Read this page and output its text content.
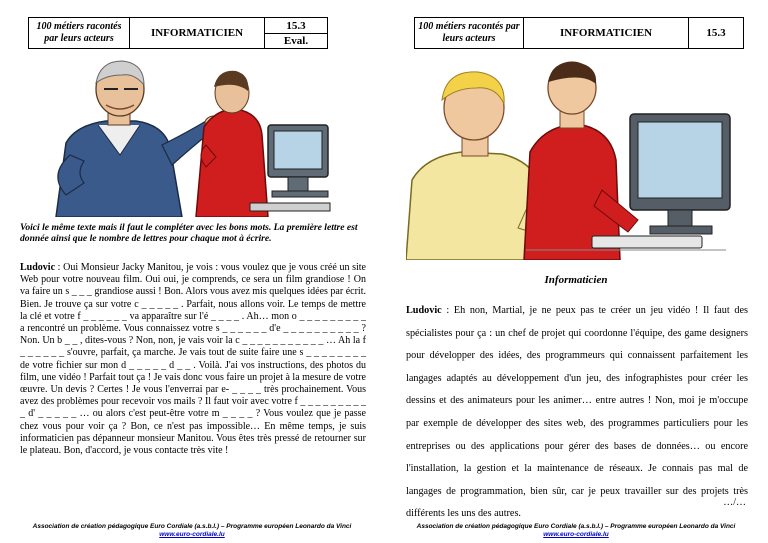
100 métiers racontés par leurs acteurs	INFORMATICIEN	15.3
Eval.
Voici le même texte mais il faut le compléter avec les bons mots. La première lettre est donnée ainsi que le nombre de lettres pour chaque mot à écrire.
Ludovic : Oui Monsieur Jacky Manitou, je vois : vous voulez que je vous créé un site Web pour votre nouveau film. Oui oui, je comprends, ce sera un film grandiose ! On va faire un s _ _ _ grandiose aussi ! Bon. Alors vous avez mis quelques idées par écrit. Bien. Je trouve ça sur votre c _ _ _ _ _ . Parfait, nous allons voir. Le temps de mettre la clé et votre f _ _ _ _ _ _ va apparaître sur l'é _ _ _ _ . Ah… mon o _ _ _ _ _ _ _ _ _ a rencontré un problème. Vous connaissez votre s _ _ _ _ _ _ d'e _ _ _ _ _ _ _ _ _ _ ? Non. Un b _ _ , dites-vous ? Non, non, je vais voir la c _ _ _ _ _ _ _ _ _ _ _ … Ah la f _ _ _ _ _ _ s'ouvre, parfait, ça marche. Je vais tout de suite faire une s _ _ _ _ _ _ _ _ de votre fichier sur mon d _ _ _ _ _ d _ _ . Voilà. J'ai vos instructions, des photos du film, une vidéo ! Parfait tout ça ! Je vais donc vous faire un projet à la mesure de votre œuvre. Un devis ? Certes ! Je vous l'enverrai par e- _ _ _ _ très prochainement. Vous avez des problèmes pour recevoir vos mails ? Il faut voir avec votre f _ _ _ _ _ _ _ _ _ _ d' _ _ _ _ _ … ou alors c'est peut-être votre m _ _ _ _ ? Vous voulez que je passe chez vous pour voir ça ? Bon, ce n'est pas impossible… En même temps, je suis informaticien pas dépanneur monsieur Manitou. Vous êtes très pressé de retourner sur le plateau. Bon, d'accord, je vous contacte très vite !
Association de création pédagogique Euro Cordiale (a.s.b.l.) – Programme européen Leonardo da Vinci
www.euro-cordiale.lu
100 métiers racontés par leurs acteurs	INFORMATICIEN	15.3
Informaticien
Ludovic : Eh non, Martial, je ne peux pas te créer un jeu vidéo ! Il faut des spécialistes pour ça : un chef de projet qui coordonne l'équipe, des game designers pour développer des idées, des programmeurs qui connaissent parfaitement les langages adaptés au développement d'un jeu, des infographistes pour créer les dessins et des animateurs pour les animer… entre autres ! Non, moi je m'occupe par exemple de développer des sites web, des programmes particuliers pour les entreprises ou des applications pour gérer des bases de données… ou encore l'installation, la gestion et la maintenance de réseaux. Je connais pas mal de langages de programmation, bien sûr, car je peux travailler sur des projets très différents les uns des autres.
…/…
Association de création pédagogique Euro Cordiale (a.s.b.l.) – Programme européen Leonardo da Vinci
www.euro-cordiale.lu
